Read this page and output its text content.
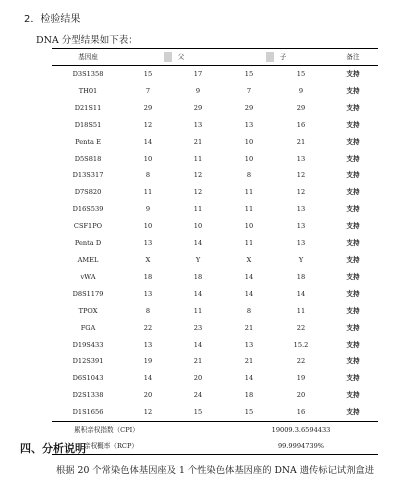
2．检验结果
DNA 分型结果如下表：
基因座	父		子		备注
D3S1358	15	17	15	15	支持
TH01	7	9	7	9	支持
D21S11	29	29	29	29	支持
D18S51	12	13	13	16	支持
Penta E	14	21	10	21	支持
D5S818	10	11	10	13	支持
D13S317	8	12	8	12	支持
D7S820	11	12	11	12	支持
D16S539	9	11	11	13	支持
CSF1PO	10	10	10	13	支持
Penta D	13	14	11	13	支持
AMEL	X	Y	X	Y	支持
vWA	18	18	14	18	支持
D8S1179	13	14	14	14	支持
TPOX	8	11	8	11	支持
FGA	22	23	21	22	支持
D19S433	13	14	13	15.2	支持
D12S391	19	21	21	22	支持
D6S1043	14	20	14	19	支持
D2S1338	20	24	18	20	支持
D1S1656	12	15	15	16	支持
累积亲权指数（CPI）			19009.3.6594433		
亲权概率（RCP）			99.9994739%		
四、分析说明
根据 20 个常染色体基因座及 1 个性染色体基因座的 DNA 遗传标记试剂盒进
